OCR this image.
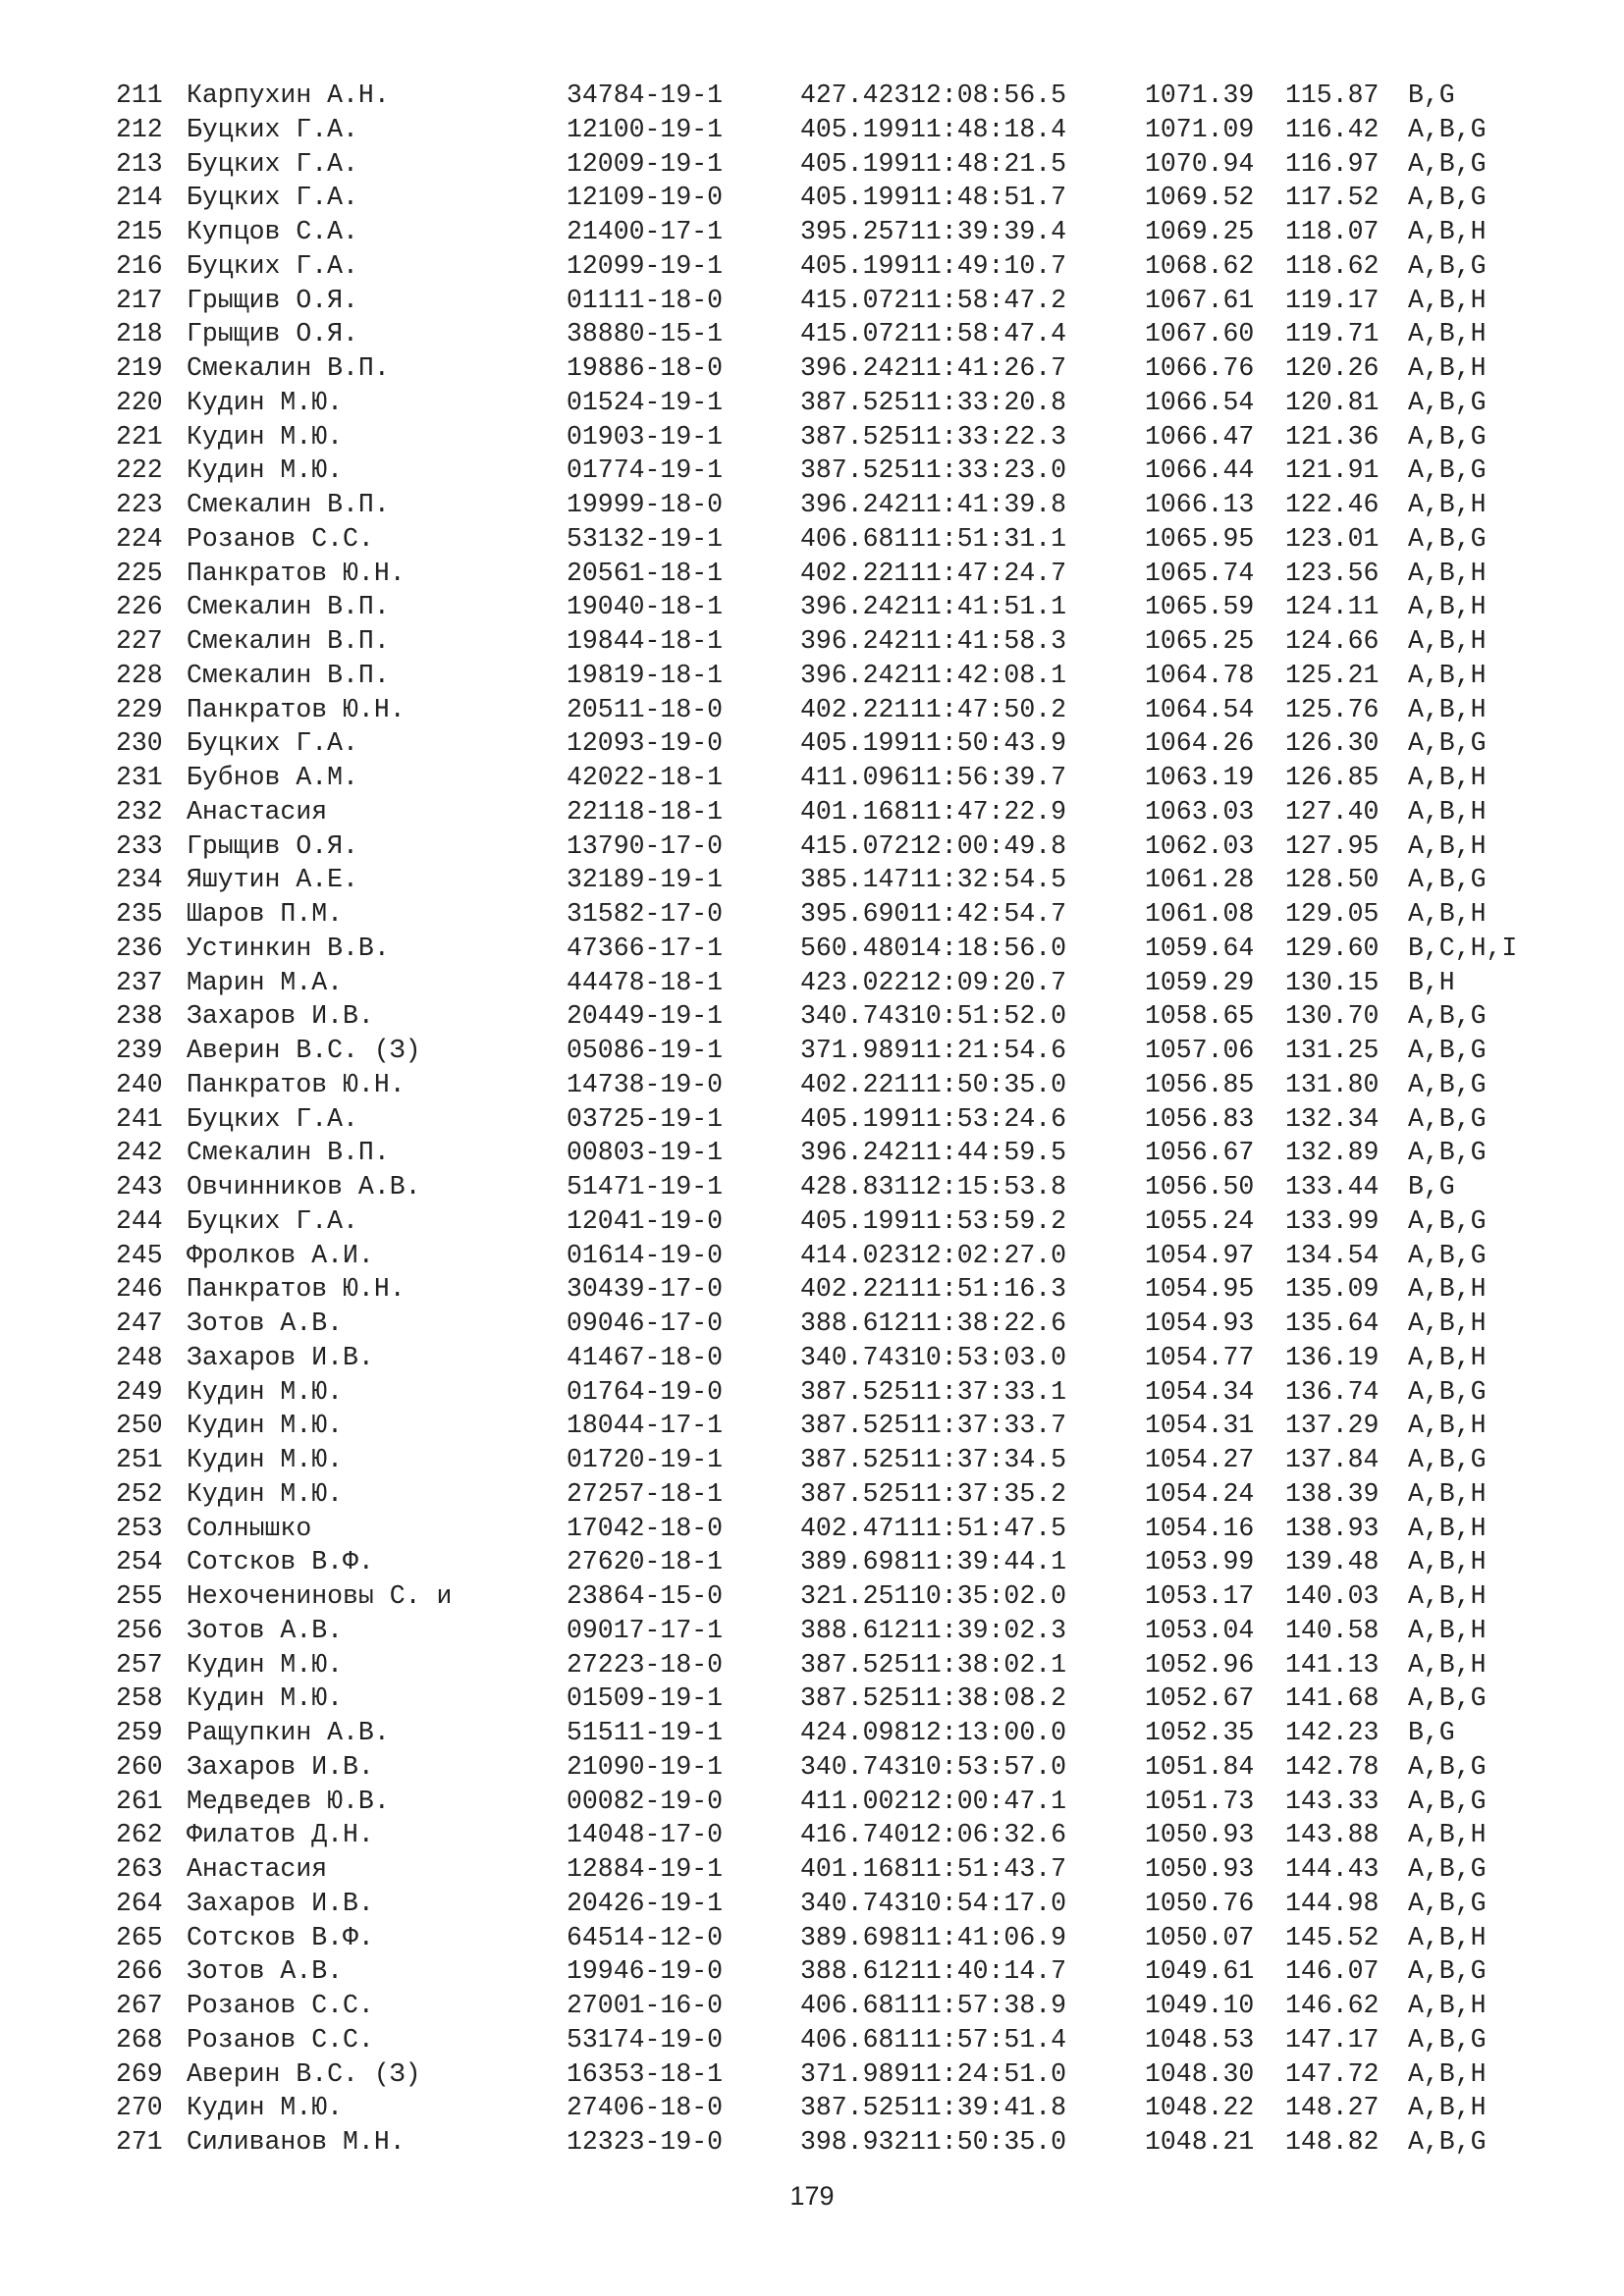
211 Карпухин А.Н.	34784-19-1	427.423 12:08:56.5	1071.39 115.87 B,G
212 Буцких Г.А.	12100-19-1	405.199 11:48:18.4	1071.09 116.42 A,B,G
213 Буцких Г.А.	12009-19-1	405.199 11:48:21.5	1070.94 116.97 A,B,G
214 Буцких Г.А.	12109-19-0	405.199 11:48:51.7	1069.52 117.52 A,B,G
215 Купцов С.А.	21400-17-1	395.257 11:39:39.4	1069.25 118.07 A,B,H
216 Буцких Г.А.	12099-19-1	405.199 11:49:10.7	1068.62 118.62 A,B,G
217 Грыщив О.Я.	01111-18-0	415.072 11:58:47.2	1067.61 119.17 A,B,H
218 Грыщив О.Я.	38880-15-1	415.072 11:58:47.4	1067.60 119.71 A,B,H
219 Смекалин В.П.	19886-18-0	396.242 11:41:26.7	1066.76 120.26 A,B,H
220 Кудин М.Ю.	01524-19-1	387.525 11:33:20.8	1066.54 120.81 A,B,G
221 Кудин М.Ю.	01903-19-1	387.525 11:33:22.3	1066.47 121.36 A,B,G
222 Кудин М.Ю.	01774-19-1	387.525 11:33:23.0	1066.44 121.91 A,B,G
223 Смекалин В.П.	19999-18-0	396.242 11:41:39.8	1066.13 122.46 A,B,H
224 Розанов С.С.	53132-19-1	406.681 11:51:31.1	1065.95 123.01 A,B,G
225 Панкратов Ю.Н.	20561-18-1	402.221 11:47:24.7	1065.74 123.56 A,B,H
226 Смекалин В.П.	19040-18-1	396.242 11:41:51.1	1065.59 124.11 A,B,H
227 Смекалин В.П.	19844-18-1	396.242 11:41:58.3	1065.25 124.66 A,B,H
228 Смекалин В.П.	19819-18-1	396.242 11:42:08.1	1064.78 125.21 A,B,H
229 Панкратов Ю.Н.	20511-18-0	402.221 11:47:50.2	1064.54 125.76 A,B,H
230 Буцких Г.А.	12093-19-0	405.199 11:50:43.9	1064.26 126.30 A,B,G
231 Бубнов А.М.	42022-18-1	411.096 11:56:39.7	1063.19 126.85 A,B,H
232 Анастасия	22118-18-1	401.168 11:47:22.9	1063.03 127.40 A,B,H
233 Грыщив О.Я.	13790-17-0	415.072 12:00:49.8	1062.03 127.95 A,B,H
234 Яшутин А.Е.	32189-19-1	385.147 11:32:54.5	1061.28 128.50 A,B,G
235 Шаров П.М.	31582-17-0	395.690 11:42:54.7	1061.08 129.05 A,B,H
236 Устинкин В.В.	47366-17-1	560.480 14:18:56.0	1059.64 129.60 B,C,H,I
237 Марин М.А.	44478-18-1	423.022 12:09:20.7	1059.29 130.15 B,H
238 Захаров И.В.	20449-19-1	340.743 10:51:52.0	1058.65 130.70 A,B,G
239 Аверин В.С. (З)	05086-19-1	371.989 11:21:54.6	1057.06 131.25 A,B,G
240 Панкратов Ю.Н.	14738-19-0	402.221 11:50:35.0	1056.85 131.80 A,B,G
241 Буцких Г.А.	03725-19-1	405.199 11:53:24.6	1056.83 132.34 A,B,G
242 Смекалин В.П.	00803-19-1	396.242 11:44:59.5	1056.67 132.89 A,B,G
243 Овчинников А.В.	51471-19-1	428.831 12:15:53.8	1056.50 133.44 B,G
244 Буцких Г.А.	12041-19-0	405.199 11:53:59.2	1055.24 133.99 A,B,G
245 Фролков А.И.	01614-19-0	414.023 12:02:27.0	1054.97 134.54 A,B,G
246 Панкратов Ю.Н.	30439-17-0	402.221 11:51:16.3	1054.95 135.09 A,B,H
247 Зотов А.В.	09046-17-0	388.612 11:38:22.6	1054.93 135.64 A,B,H
248 Захаров И.В.	41467-18-0	340.743 10:53:03.0	1054.77 136.19 A,B,H
249 Кудин М.Ю.	01764-19-0	387.525 11:37:33.1	1054.34 136.74 A,B,G
250 Кудин М.Ю.	18044-17-1	387.525 11:37:33.7	1054.31 137.29 A,B,H
251 Кудин М.Ю.	01720-19-1	387.525 11:37:34.5	1054.27 137.84 A,B,G
252 Кудин М.Ю.	27257-18-1	387.525 11:37:35.2	1054.24 138.39 A,B,H
253 Солнышко	17042-18-0	402.471 11:51:47.5	1054.16 138.93 A,B,H
254 Сотсков В.Ф.	27620-18-1	389.698 11:39:44.1	1053.99 139.48 A,B,H
255 Нехочениновы С. и	23864-15-0	321.251 10:35:02.0	1053.17 140.03 A,B,H
256 Зотов А.В.	09017-17-1	388.612 11:39:02.3	1053.04 140.58 A,B,H
257 Кудин М.Ю.	27223-18-0	387.525 11:38:02.1	1052.96 141.13 A,B,H
258 Кудин М.Ю.	01509-19-1	387.525 11:38:08.2	1052.67 141.68 A,B,G
259 Ращупкин А.В.	51511-19-1	424.098 12:13:00.0	1052.35 142.23 B,G
260 Захаров И.В.	21090-19-1	340.743 10:53:57.0	1051.84 142.78 A,B,G
261 Медведев Ю.В.	00082-19-0	411.002 12:00:47.1	1051.73 143.33 A,B,G
262 Филатов Д.Н.	14048-17-0	416.740 12:06:32.6	1050.93 143.88 A,B,H
263 Анастасия	12884-19-1	401.168 11:51:43.7	1050.93 144.43 A,B,G
264 Захаров И.В.	20426-19-1	340.743 10:54:17.0	1050.76 144.98 A,B,G
265 Сотсков В.Ф.	64514-12-0	389.698 11:41:06.9	1050.07 145.52 A,B,H
266 Зотов А.В.	19946-19-0	388.612 11:40:14.7	1049.61 146.07 A,B,G
267 Розанов С.С.	27001-16-0	406.681 11:57:38.9	1049.10 146.62 A,B,H
268 Розанов С.С.	53174-19-0	406.681 11:57:51.4	1048.53 147.17 A,B,G
269 Аверин В.С. (З)	16353-18-1	371.989 11:24:51.0	1048.30 147.72 A,B,H
270 Кудин М.Ю.	27406-18-0	387.525 11:39:41.8	1048.22 148.27 A,B,H
271 Силиванов М.Н.	12323-19-0	398.932 11:50:35.0	1048.21 148.82 A,B,G
179
